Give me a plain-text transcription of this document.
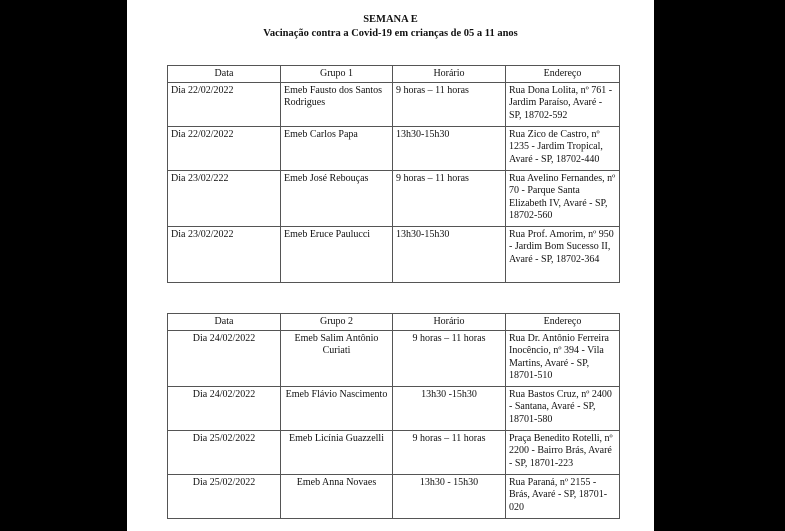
SEMANA E
Vacinação contra a Covid-19 em crianças de 05 a 11 anos
Data	Grupo 1	Horário	Endereço
Dia 22/02/2022	Emeb Fausto dos Santos Rodrigues	9 horas – 11 horas	Rua Dona Lolita, nº 761 - Jardim Paraíso, Avaré - SP, 18702-592
Dia 22/02/2022	Emeb Carlos Papa	13h30-15h30	Rua Zico de Castro, nº 1235 - Jardim Tropical, Avaré - SP, 18702-440
Dia 23/02/222	Emeb José Rebouças	9 horas – 11 horas	Rua Avelino Fernandes, nº 70 - Parque Santa Elizabeth IV, Avaré - SP, 18702-560
Dia 23/02/2022	Emeb Eruce Paulucci	13h30-15h30	Rua Prof. Amorim, nº 950 - Jardim Bom Sucesso II, Avaré - SP, 18702-364
Data	Grupo 2	Horário	Endereço
Dia 24/02/2022	Emeb Salim Antônio Curiati	9 horas – 11 horas	Rua Dr. Antônio Ferreira Inocêncio, nº 394 - Vila Martins, Avaré - SP, 18701-510
Dia 24/02/2022	Emeb Flávio Nascimento	13h30 -15h30	Rua Bastos Cruz, nº 2400 - Santana, Avaré - SP, 18701-580
Dia 25/02/2022	Emeb Licínia Guazzelli	9 horas – 11 horas	Praça Benedito Rotelli, nº 2200 - Bairro Brás, Avaré - SP, 18701-223
Dia 25/02/2022	Emeb Anna Novaes	13h30 - 15h30	Rua Paraná, nº 2155 - Brás, Avaré - SP, 18701-020
